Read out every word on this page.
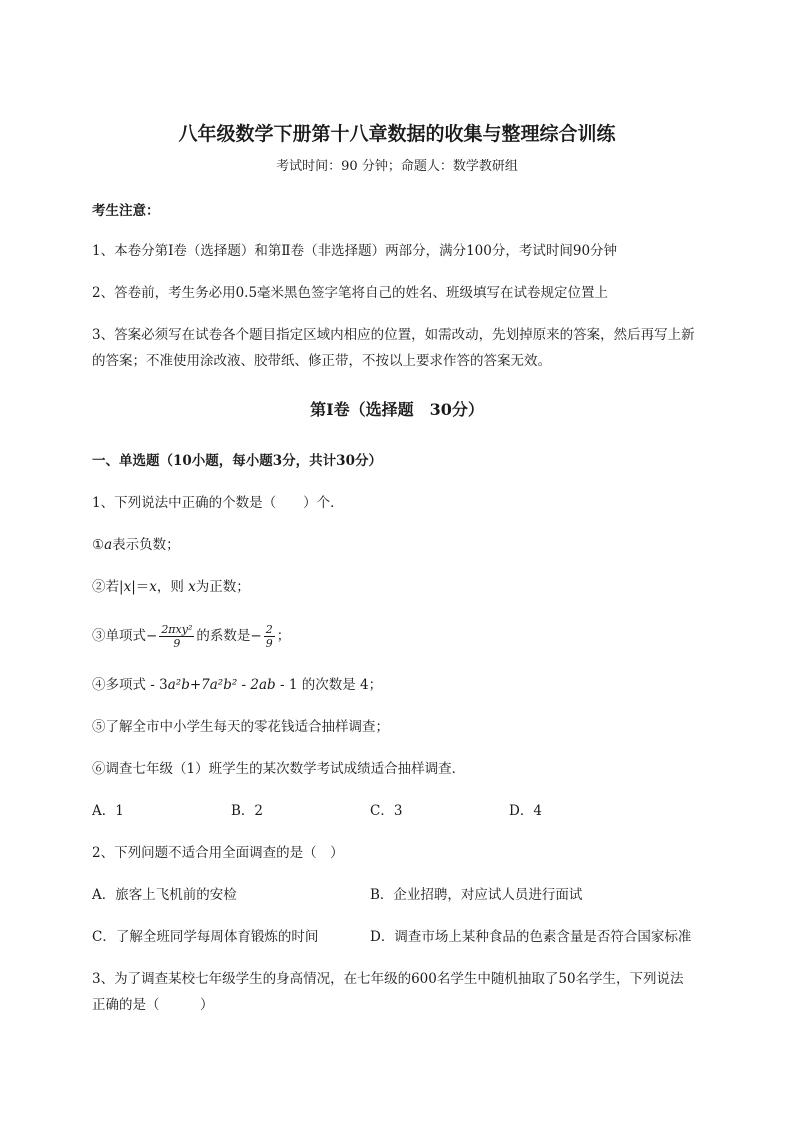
八年级数学下册第十八章数据的收集与整理综合训练
考试时间：90 分钟；命题人：数学教研组
考生注意：
1、本卷分第Ⅰ卷（选择题）和第Ⅱ卷（非选择题）两部分，满分100分，考试时间90分钟
2、答卷前，考生务必用0.5毫米黑色签字笔将自己的姓名、班级填写在试卷规定位置上
3、答案必须写在试卷各个题目指定区域内相应的位置，如需改动，先划掉原来的答案，然后再写上新
的答案；不准使用涂改液、胶带纸、修正带，不按以上要求作答的答案无效。
第Ⅰ卷（选择题　30分）
一、单选题（10小题，每小题3分，共计30分）
1、下列说法中正确的个数是（　　）个．
①a表示负数；
②若|x|＝x，则 x为正数；
③单项式− $\frac{\text{2πxy²}}{9}$ 的系数是− $\frac{2}{9}$ ；
④多项式 - 3a²b+7a²b² - 2ab - 1 的次数是 4；
⑤了解全市中小学生每天的零花钱适合抽样调查；
⑥调查七年级（1）班学生的某次数学考试成绩适合抽样调查．
A．1	B．2	C．3	D．4
2、下列问题不适合用全面调查的是（　）
A．旅客上飞机前的安检	B．企业招聘，对应试人员进行面试
C．了解全班同学每周体育锻炼的时间	D．调查市场上某种食品的色素含量是否符合国家标准
3、为了调查某校七年级学生的身高情况，在七年级的600名学生中随机抽取了50名学生，下列说法
正确的是（　　　）
